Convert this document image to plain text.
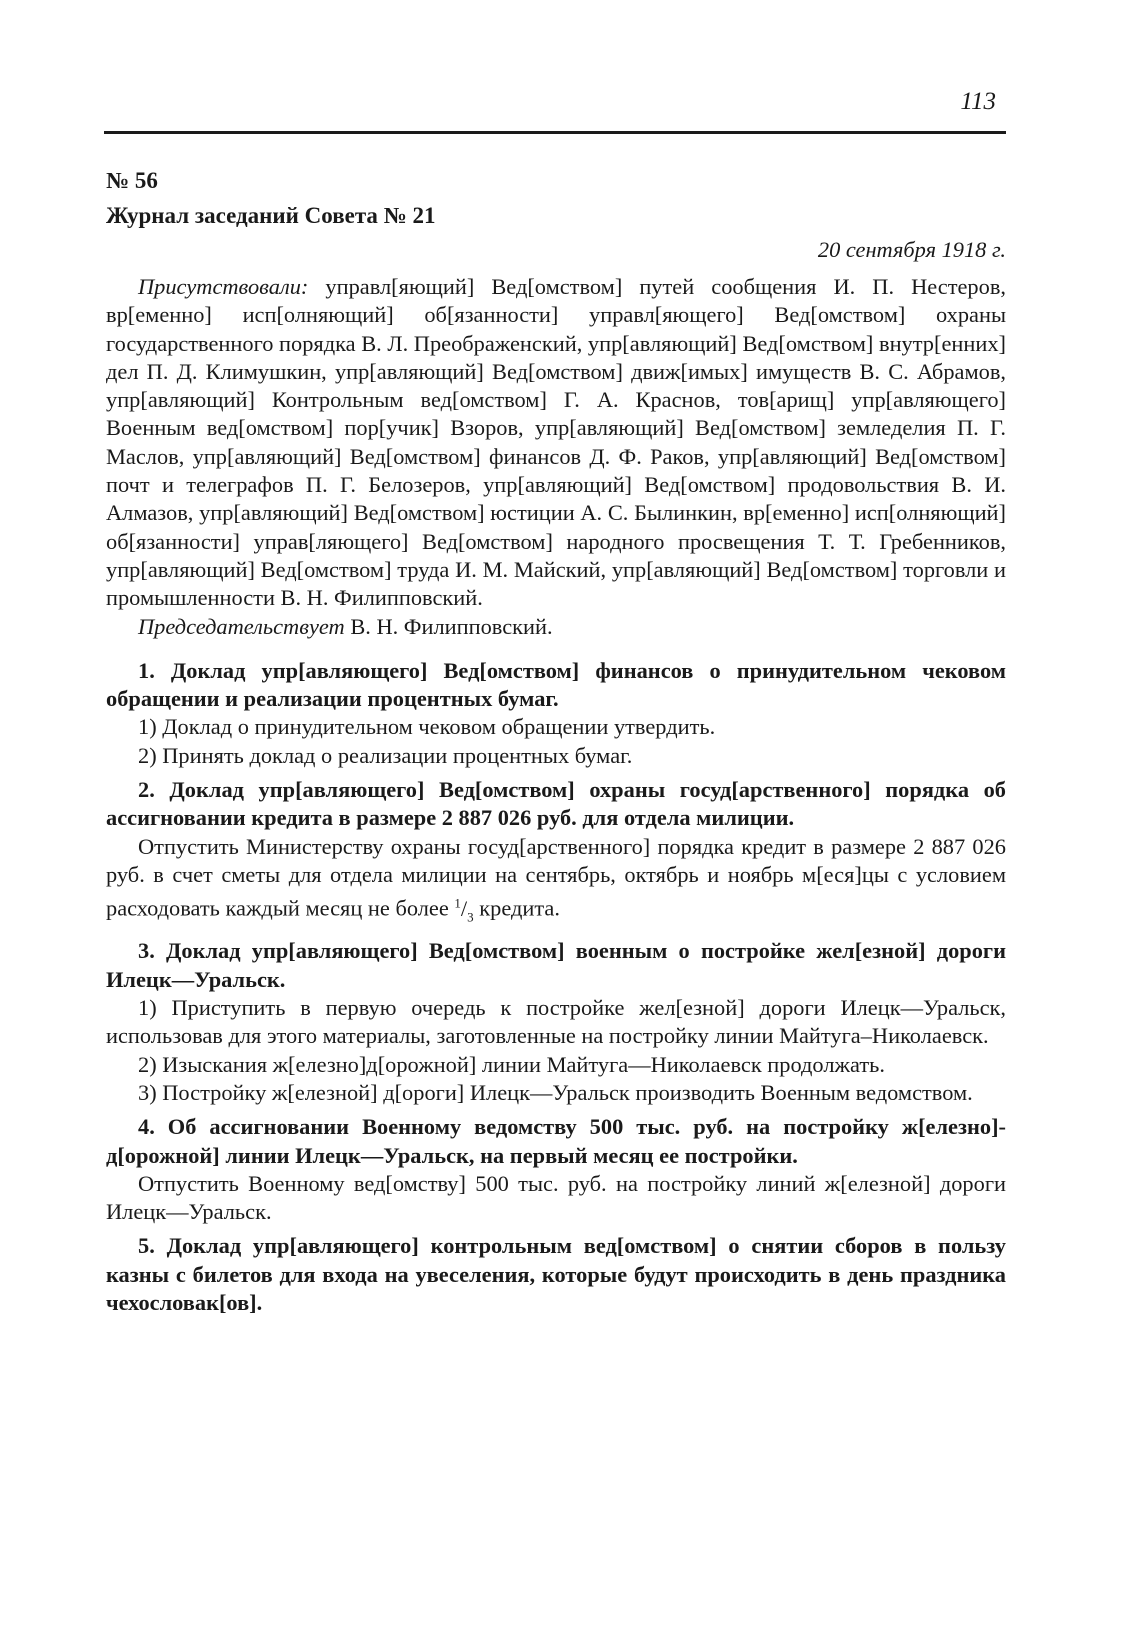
113
№ 56
Журнал заседаний Совета № 21
20 сентября 1918 г.

Присутствовали: управл[яющий] Вед[омством] путей сообщения И. П. Нестеров, вр[еменно] исп[олняющий] об[язанности] управл[яющего] Вед[омством] охраны государственного порядка В. Л. Преображенский, упр[авляющий] Вед[омством] внутр[енних] дел П. Д. Климушкин, упр[авляющий] Вед[омством] движ[имых] имуществ В. С. Абрамов, упр[авляющий] Контрольным вед[омством] Г. А. Краснов, тов[арищ] упр[авляющего] Военным вед[омством] пор[учик] Взоров, упр[авляющий] Вед[омством] земледелия П. Г. Маслов, упр[авляющий] Вед[омством] финансов Д. Ф. Раков, упр[авляющий] Вед[омством] почт и телеграфов П. Г. Белозеров, упр[авляющий] Вед[омством] продовольствия В. И. Алмазов, упр[авляющий] Вед[омством] юстиции А. С. Былинкин, вр[еменно] исп[олняющий] об[язанности] управ[ляющего] Вед[омством] народного просвещения Т. Т. Гребенников, упр[авляющий] Вед[омством] труда И. М. Майский, упр[авляющий] Вед[омством] торговли и промышленности В. Н. Филипповский.

Председательствует В. Н. Филипповский.

1. Доклад упр[авляющего] Вед[омством] финансов о принудительном чековом обращении и реализации процентных бумаг.

1) Доклад о принудительном чековом обращении утвердить.

2) Принять доклад о реализации процентных бумаг.

2. Доклад упр[авляющего] Вед[омством] охраны госуд[арственного] порядка об ассигновании кредита в размере 2 887 026 руб. для отдела милиции.

Отпустить Министерству охраны госуд[арственного] порядка кредит в размере 2 887 026 руб. в счет сметы для отдела милиции на сентябрь, октябрь и ноябрь м[еся]цы с условием расходовать каждый месяц не более $^1/_3$ кредита.

3. Доклад упр[авляющего] Вед[омством] военным о постройке жел[езной] дороги Илецк—Уральск.

1) Приступить в первую очередь к постройке жел[езной] дороги Илецк—Уральск, использовав для этого материалы, заготовленные на постройку линии Майтуга–Николаевск.

2) Изыскания ж[елезно]д[орожной] линии Майтуга—Николаевск продолжать.

3) Постройку ж[елезной] д[ороги] Илецк—Уральск производить Военным ведомством.

4. Об ассигновании Военному ведомству 500 тыс. руб. на постройку ж[елезно]-д[орожной] линии Илецк—Уральск, на первый месяц ее постройки.

Отпустить Военному вед[омству] 500 тыс. руб. на постройку линий ж[елезной] дороги Илецк—Уральск.

5. Доклад упр[авляющего] контрольным вед[омством] о снятии сборов в пользу казны с билетов для входа на увеселения, которые будут происходить в день праздника чехословак[ов].
